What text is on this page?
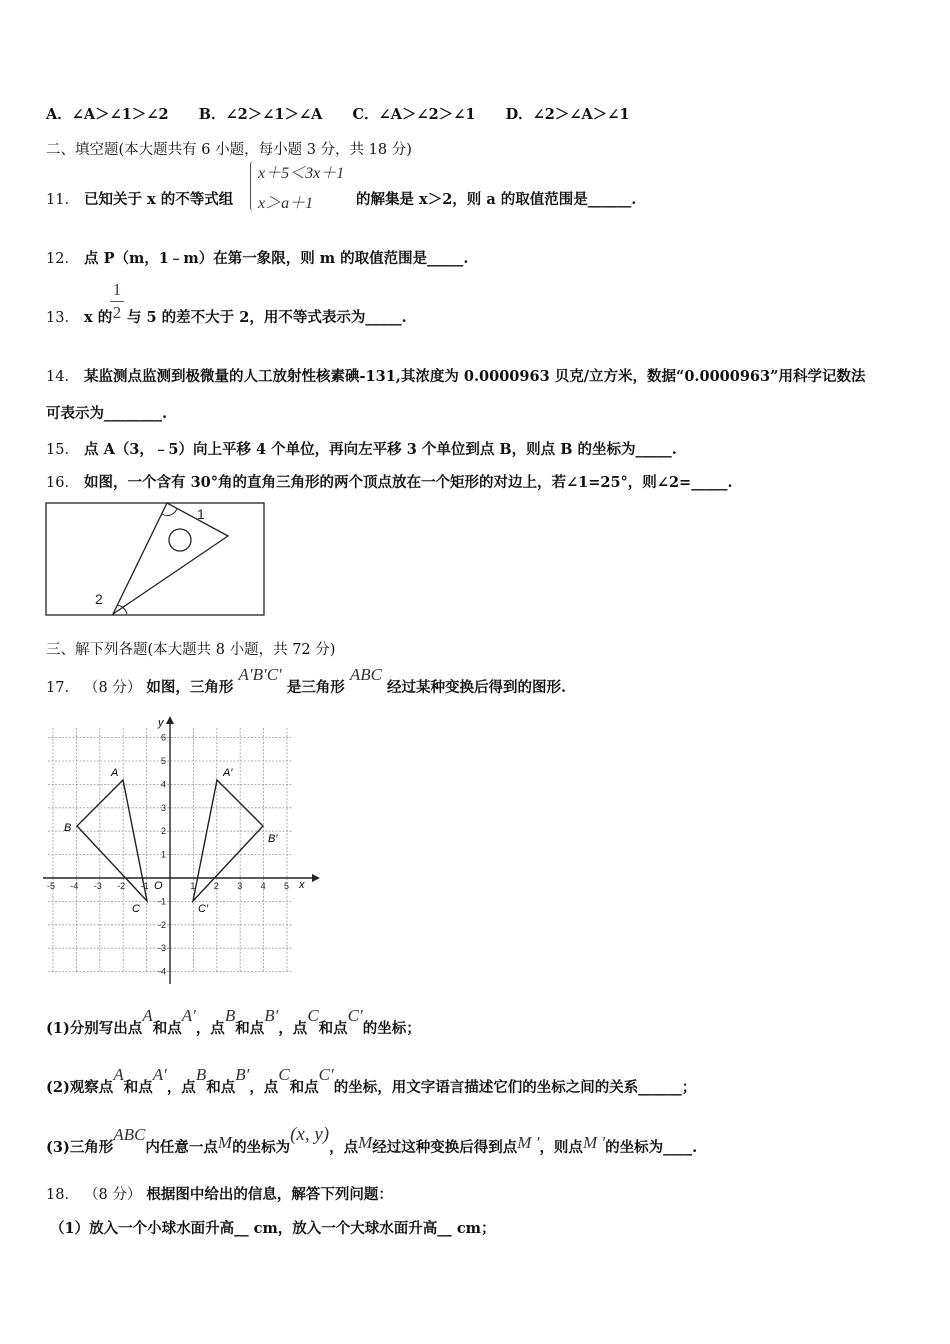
A．∠A＞∠1＞∠2 B．∠2＞∠1＞∠A C．∠A＞∠2＞∠1 D．∠2＞∠A＞∠1
二、填空题(本大题共有 6 小题，每小题 3 分，共 18 分)
11． 已知关于 x 的不等式组
x＋5＜3x＋1
x＞a＋1	的解集是 x＞2，则 a 的取值范围是______.
12． 点 P（m，1﹣m）在第一象限，则 m 的取值范围是_____.
13． x 的
1
2 与 5 的差不大于 2，用不等式表示为_____.
14． 某监测点监测到极微量的人工放射性核素碘-131,其浓度为 0.0000963 贝克/立方米，数据“0.0000963”用科学记数法
可表示为________.
15． 点 A（3，﹣5）向上平移 4 个单位，再向左平移 3 个单位到点 B，则点 B 的坐标为_____.
16． 如图，一个含有 30°角的直角三角形的两个顶点放在一个矩形的对边上，若∠1=25°，则∠2=_____.
1
2
三、解下列各题(本大题共 8 小题，共 72 分)
17． （8 分） 如图，三角形 A′B′C′ 是三角形 ABC 经过某种变换后得到的图形.
x
y
O
-5 -4 -3 -2 -1	1 2 3 4 5
6
5
4
3
2
1
-1
-2
-3
-4
A	A′
B
B′
C	C′
(1)分别写出点A和点A′，点B和点B′，点C和点C′的坐标；
(2)观察点A和点A′，点B和点B′，点C和点C′的坐标，用文字语言描述它们的坐标之间的关系______；
(3)三角形ABC内任意一点M的坐标为(x, y)，点M经过这种变换后得到点M ′，则点M ′的坐标为____.
18． （8 分） 根据图中给出的信息，解答下列问题：
（1）放入一个小球水面升高__ cm，放入一个大球水面升高__ cm；
